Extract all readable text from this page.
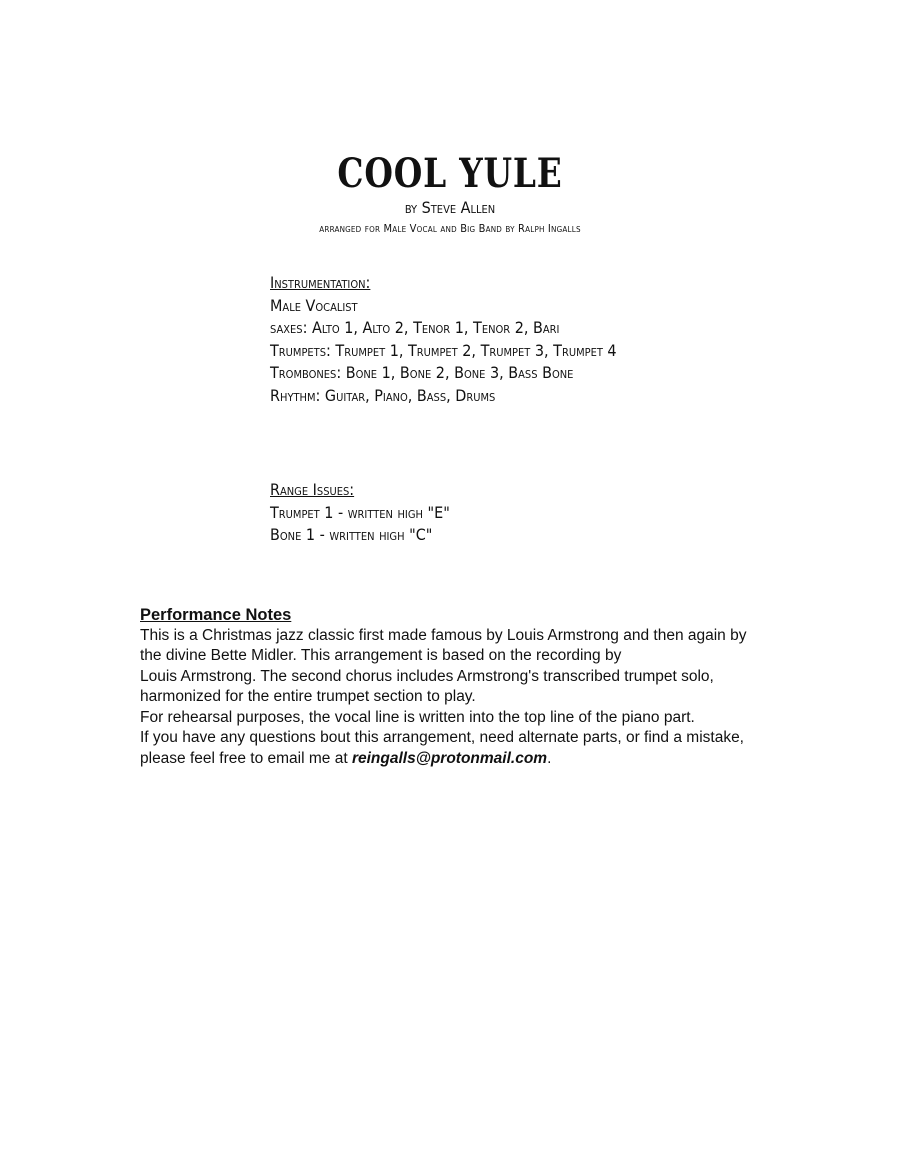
COOL YULE
by Steve Allen
arranged for Male Vocal and Big Band by Ralph Ingalls
Instrumentation:
Male Vocalist
saxes: Alto 1, Alto 2, Tenor 1, Tenor 2, Bari
Trumpets: Trumpet 1, Trumpet 2, Trumpet 3, Trumpet 4
Trombones: Bone 1, Bone 2, Bone 3, Bass Bone
Rhythm: Guitar, Piano, Bass, Drums
Range Issues:
Trumpet 1 - written high "E"
Bone 1 - written high "C"
Performance Notes
This is a Christmas jazz classic first made famous by Louis Armstrong and then again by
the divine Bette Midler. This arrangement is based on the recording by
Louis Armstrong. The second chorus includes Armstrong's transcribed trumpet solo,
harmonized for the entire trumpet section to play.
For rehearsal purposes, the vocal line is written into the top line of the piano part.
If you have any questions bout this arrangement, need alternate parts, or find a mistake,
please feel free to email me at reingalls@protonmail.com.
